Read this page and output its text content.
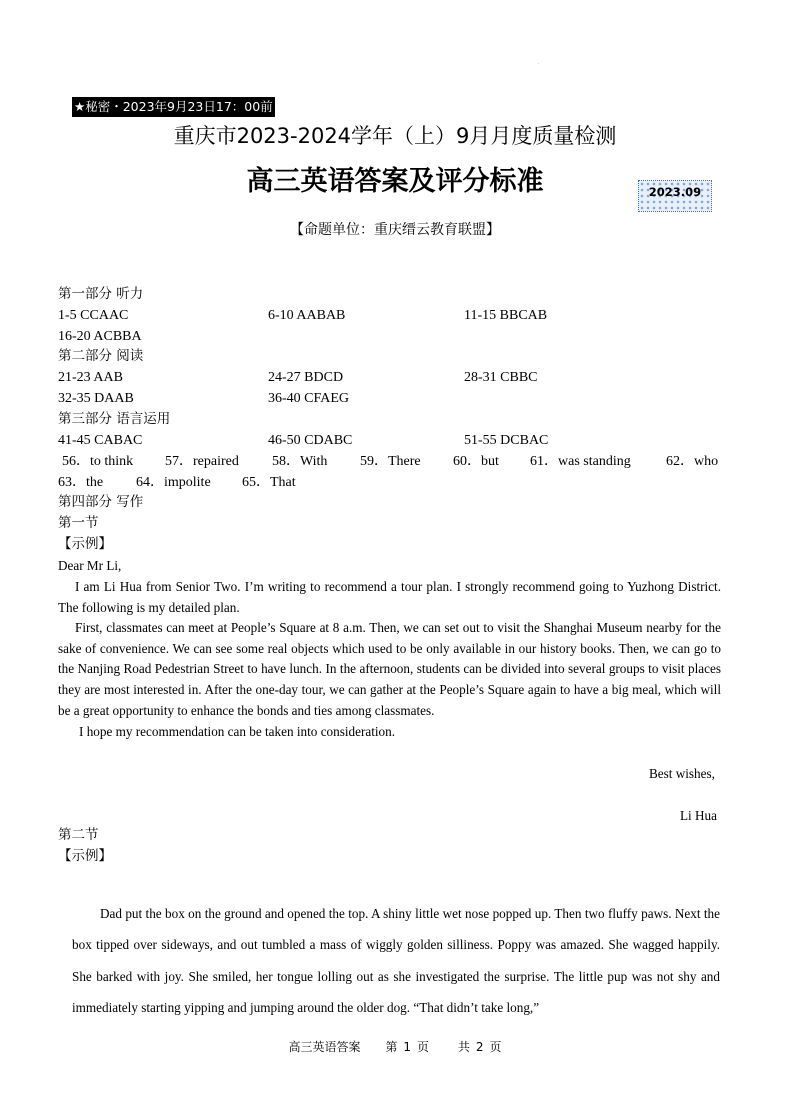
.
★秘密・2023年9月23日17：00前
重庆市2023-2024学年（上）9月月度质量检测
高三英语答案及评分标准	2023.09
【命题单位：重庆缙云教育联盟】
第一部分 听力
1-5 CCAAC	6-10 AABAB	11-15 BBCAB
16-20 ACBBA
第二部分 阅读
21-23 AAB	24-27 BDCD	28-31 CBBC
32-35 DAAB	36-40 CFAEG
第三部分 语言运用
41-45 CABAC	46-50 CDABC	51-55 DCBAC
56．to think 57．repaired 58．With 59．There 60．but 61．was standing	62．who
63．the 64．impolite 65．That
第四部分 写作
第一节
【示例】
Dear Mr Li,
I am Li Hua from Senior Two. I’m writing to recommend a tour plan. I strongly recommend going to Yuzhong District. The following is my detailed plan.
First, classmates can meet at People’s Square at 8 a.m. Then, we can set out to visit the Shanghai Museum nearby for the sake of convenience. We can see some real objects which used to be only available in our history books. Then, we can go to the Nanjing Road Pedestrian Street to have lunch. In the afternoon, students can be divided into several groups to visit places they are most interested in. After the one-day tour, we can gather at the People’s Square again to have a big meal, which will be a great opportunity to enhance the bonds and ties among classmates.
I hope my recommendation can be taken into consideration.
Best wishes,
Li Hua
第二节
【示例】
Dad put the box on the ground and opened the top. A shiny little wet nose popped up. Then two fluffy paws. Next the box tipped over sideways, and out tumbled a mass of wiggly golden silliness. Poppy was amazed. She wagged happily. She barked with joy. She smiled, her tongue lolling out as she investigated the surprise. The little pup was not shy and immediately starting yipping and jumping around the older dog. “That didn’t take long,”
高三英语答案 第 1 页 共 2 页
